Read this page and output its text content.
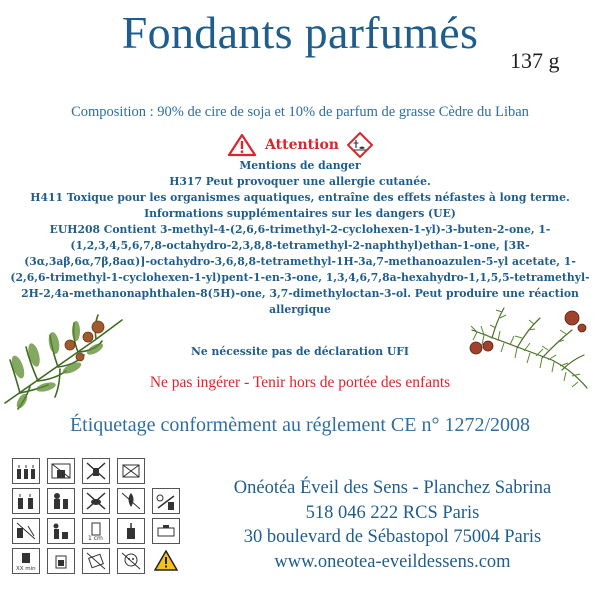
Fondants parfumés
137 g
Composition : 90% de cire de soja et 10% de parfum de grasse Cèdre du Liban
Attention
Mentions de danger
H317 Peut provoquer une allergie cutanée.
H411 Toxique pour les organismes aquatiques, entraîne des effets néfastes à long terme.
Informations supplémentaires sur les dangers (UE)
EUH208 Contient 3-methyl-4-(2,6,6-trimethyl-2-cyclohexen-1-yl)-3-buten-2-one, 1-(1,2,3,4,5,6,7,8-octahydro-2,3,8,8-tetramethyl-2-naphthyl)ethan-1-one, [3R-(3α,3aβ,6α,7β,8aα)]-octahydro-3,6,8,8-tetramethyl-1H-3a,7-methanoazulen-5-yl acetate, 1-(2,6,6-trimethyl-1-cyclohexen-1-yl)pent-1-en-3-one, 1,3,4,6,7,8a-hexahydro-1,1,5,5-tetramethyl-2H-2,4a-methanonaphthalen-8(5H)-one, 3,7-dimethyloctan-3-ol. Peut produire une réaction allergique
Ne nécessite pas de déclaration UFI
Ne pas ingérer - Tenir hors de portée des enfants
Étiquetage conformèment au réglement CE n° 1272/2008
1 cm
XX min
Onéotéa Éveil des Sens - Planchez Sabrina
518 046 222 RCS Paris
30 boulevard de Sébastopol 75004 Paris
www.oneotea-eveildessens.com
